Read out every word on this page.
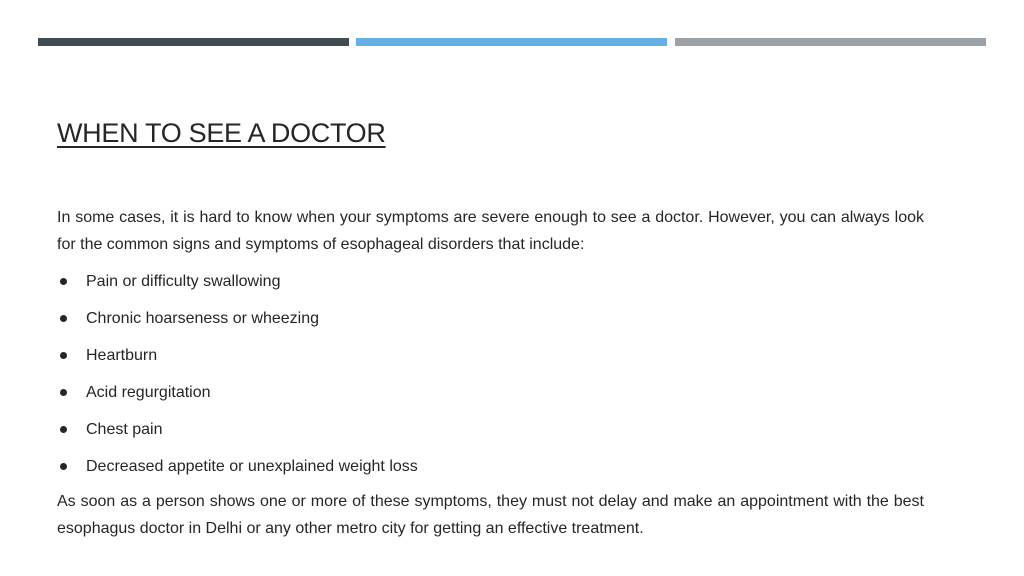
WHEN TO SEE A DOCTOR

In some cases, it is hard to know when your symptoms are severe enough to see a doctor. However, you can always look for the common signs and symptoms of esophageal disorders that include:

Pain or difficulty swallowing
Chronic hoarseness or wheezing
Heartburn
Acid regurgitation
Chest pain
Decreased appetite or unexplained weight loss

As soon as a person shows one or more of these symptoms, they must not delay and make an appointment with the best esophagus doctor in Delhi or any other metro city for getting an effective treatment.
